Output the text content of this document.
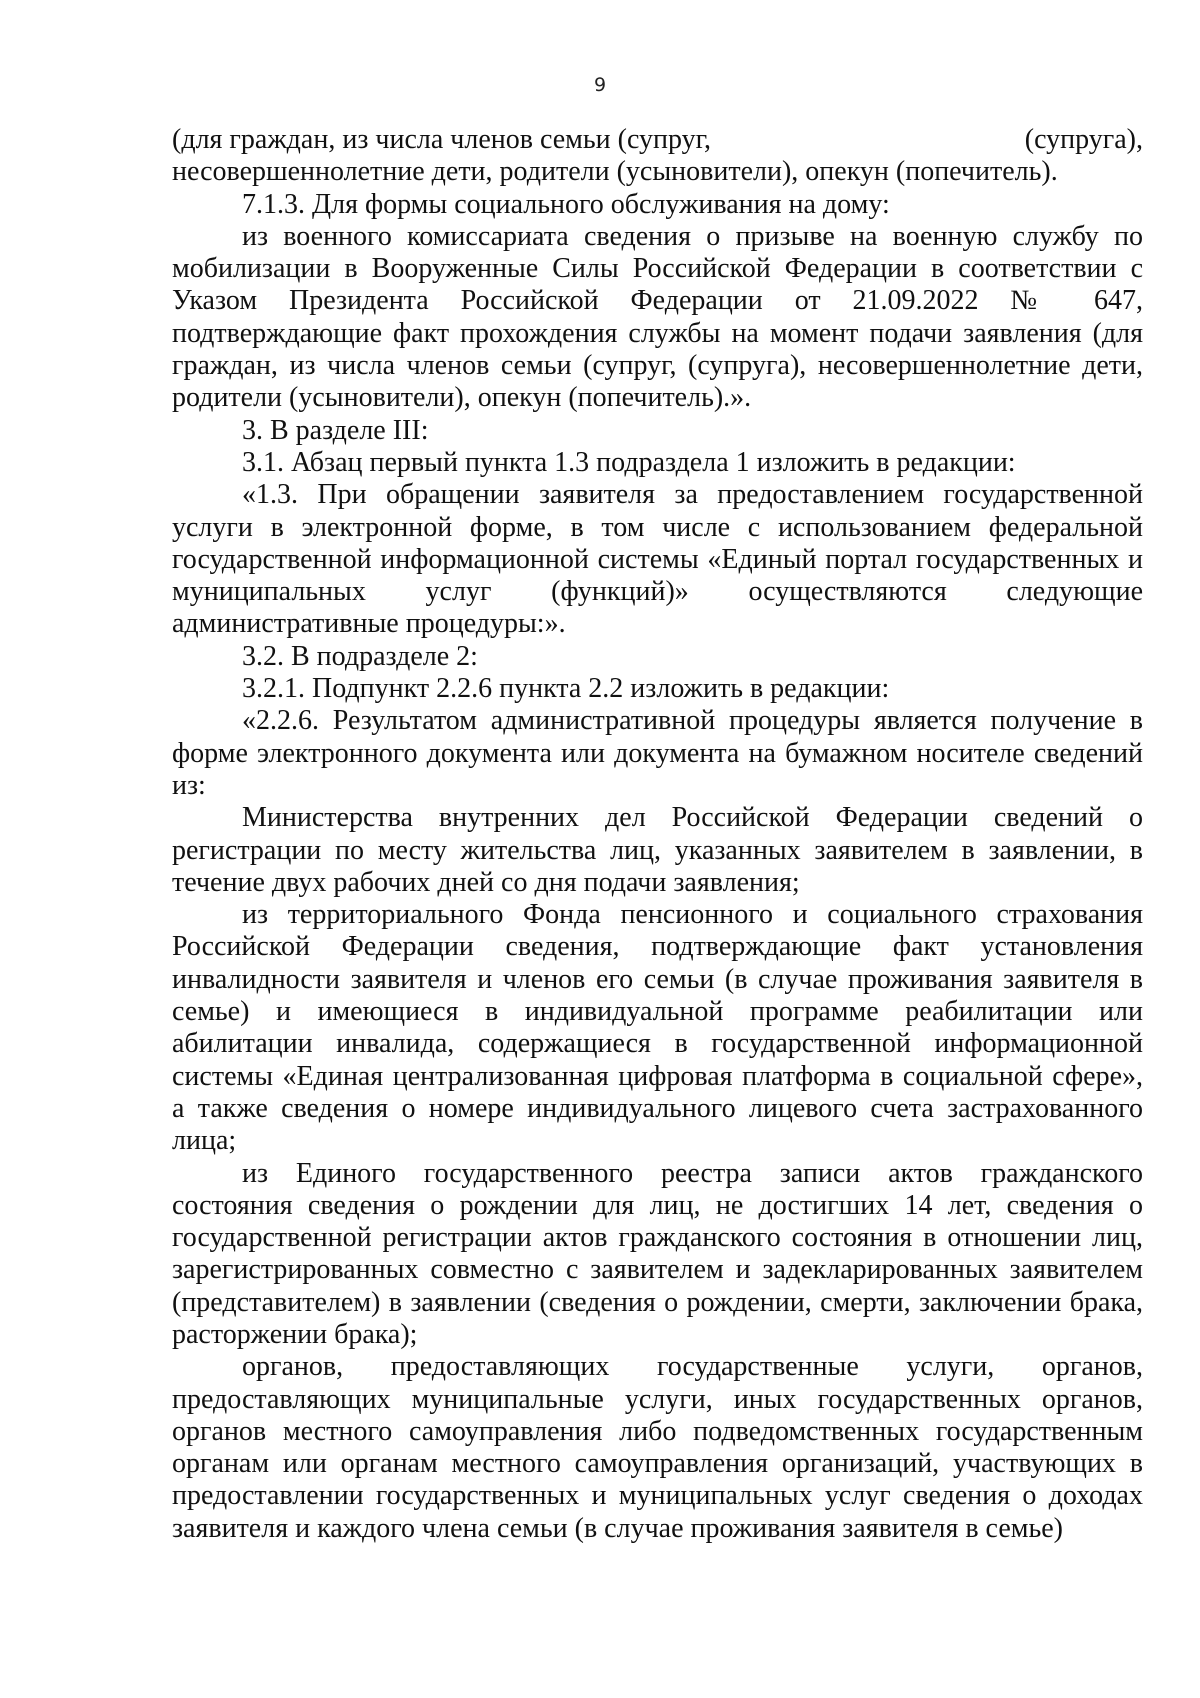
9
(для граждан, из числа членов семьи (супруг,	(супруга),
несовершеннолетние дети, родители (усыновители), опекун (попечитель).

7.1.3. Для формы социального обслуживания на дому:

из военного комиссариата сведения о призыве на военную службу по мобилизации в Вооруженные Силы Российской Федерации в соответствии с Указом Президента Российской Федерации от 21.09.2022 № 647, подтверждающие факт прохождения службы на момент подачи заявления (для граждан, из числа членов семьи (супруг, (супруга), несовершеннолетние дети, родители (усыновители), опекун (попечитель).».

3. В разделе III:

3.1. Абзац первый пункта 1.3 подраздела 1 изложить в редакции:

«1.3. При обращении заявителя за предоставлением государственной услуги в электронной форме, в том числе с использованием федеральной государственной информационной системы «Единый портал государственных и муниципальных услуг (функций)» осуществляются следующие административные процедуры:».

3.2. В подразделе 2:

3.2.1. Подпункт 2.2.6 пункта 2.2 изложить в редакции:

«2.2.6. Результатом административной процедуры является получение в форме электронного документа или документа на бумажном носителе сведений из:

Министерства внутренних дел Российской Федерации сведений о регистрации по месту жительства лиц, указанных заявителем в заявлении, в течение двух рабочих дней со дня подачи заявления;

из территориального Фонда пенсионного и социального страхования Российской Федерации сведения, подтверждающие факт установления инвалидности заявителя и членов его семьи (в случае проживания заявителя в семье) и имеющиеся в индивидуальной программе реабилитации или абилитации инвалида, содержащиеся в государственной информационной системы «Единая централизованная цифровая платформа в социальной сфере», а также сведения о номере индивидуального лицевого счета застрахованного лица;

из Единого государственного реестра записи актов гражданского состояния сведения о рождении для лиц, не достигших 14 лет, сведения о государственной регистрации актов гражданского состояния в отношении лиц, зарегистрированных совместно с заявителем и задекларированных заявителем (представителем) в заявлении (сведения о рождении, смерти, заключении брака, расторжении брака);

органов, предоставляющих государственные услуги, органов, предоставляющих муниципальные услуги, иных государственных органов, органов местного самоуправления либо подведомственных государственным органам или органам местного самоуправления организаций, участвующих в предоставлении государственных и муниципальных услуг сведения о доходах заявителя и каждого члена семьи (в случае проживания заявителя в семье)
